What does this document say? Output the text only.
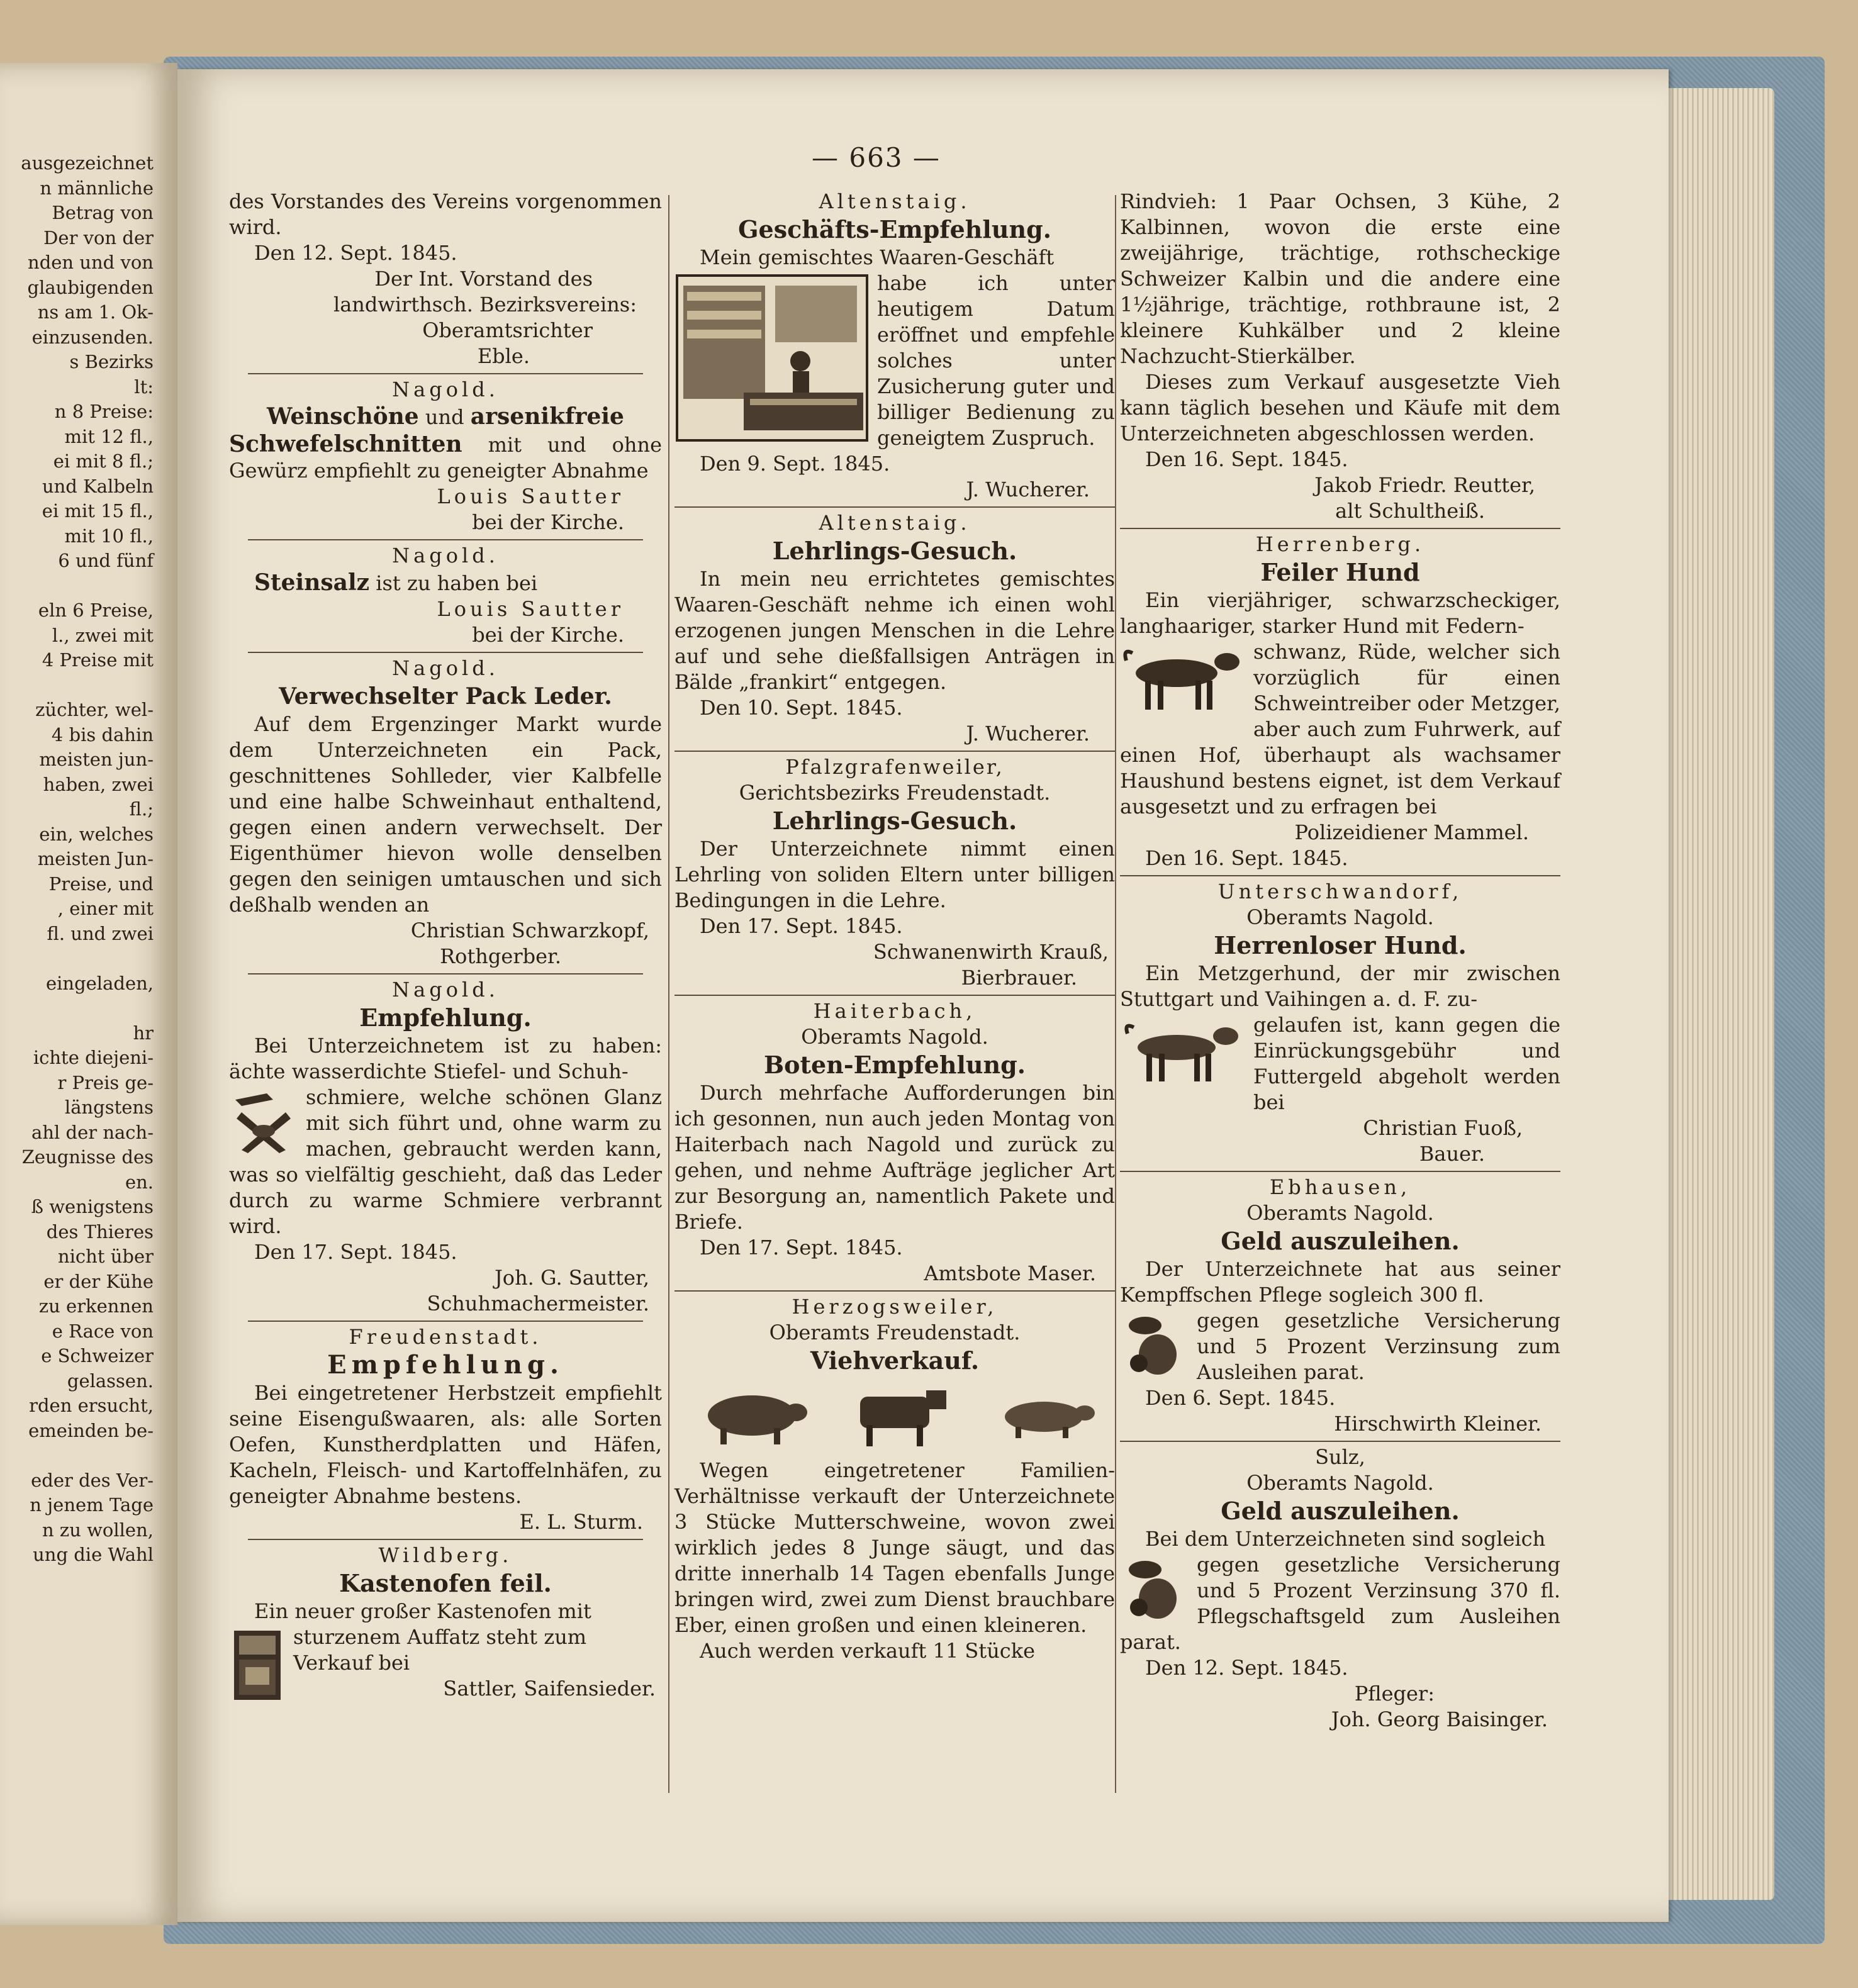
ausgezeichnet
n männliche
Betrag von
Der von der
nden und von
glaubigenden
ns am 1. Ok-
einzusenden.
s Bezirks
lt:
n 8 Preise:
mit 12 fl.,
ei mit 8 fl.;
und Kalbeln
ei mit 15 fl.,
mit 10 fl.,
6 und fünf
eln 6 Preise,
l., zwei mit
4 Preise mit
züchter, wel-
4 bis dahin
meisten jun-
haben, zwei
fl.;
ein, welches
meisten Jun-
Preise, und
, einer mit
fl. und zwei
eingeladen,
hr
ichte diejeni-
r Preis ge-
längstens
ahl der nach-
Zeugnisse des
en.
ß wenigstens
des Thieres
nicht über
er der Kühe
zu erkennen
e Race von
e Schweizer
gelassen.
rden ersucht,
emeinden be-
eder des Ver-
n jenem Tage
n zu wollen,
ung die Wahl
— 663 —
des Vorstandes des Vereins vorgenommen wird.
Den 12. Sept. 1845.
Der Int. Vorstand des
landwirthsch. Bezirksvereins:
Oberamtsrichter
Eble.
Nagold.
Weinschöne und arsenikfreie
Schwefelschnitten mit und ohne Gewürz empfiehlt zu geneigter Abnahme
Louis Sautter
bei der Kirche.
Nagold.
Steinsalz ist zu haben bei
Louis Sautter
bei der Kirche.
Nagold.
Verwechselter Pack Leder.
Auf dem Ergenzinger Markt wurde dem Unterzeichneten ein Pack, geschnittenes Sohlleder, vier Kalbfelle und eine halbe Schweinhaut enthaltend, gegen einen andern verwechselt. Der Eigenthümer hievon wolle denselben gegen den seinigen umtauschen und sich deßhalb wenden an
Christian Schwarzkopf,
Rothgerber.
Nagold.
Empfehlung.
Bei Unterzeichnetem ist zu haben: ächte wasserdichte Stiefel- und Schuh-
schmiere, welche schönen Glanz mit sich führt und, ohne warm zu machen, gebraucht werden kann, was so vielfältig geschieht, daß das Leder durch zu warme Schmiere verbrannt wird.
Den 17. Sept. 1845.
Joh. G. Sautter,
Schuhmachermeister.
Freudenstadt.
Empfehlung.
Bei eingetretener Herbstzeit empfiehlt seine Eisengußwaaren, als: alle Sorten Oefen, Kunstherdplatten und Häfen, Kacheln, Fleisch- und Kartoffelnhäfen, zu geneigter Abnahme bestens.
E. L. Sturm.
Wildberg.
Kastenofen feil.
Ein neuer großer Kastenofen mit
sturzenem Auffatz steht zum Verkauf bei
Sattler, Saifensieder.
Altenstaig.
Geschäfts-Empfehlung.
Mein gemischtes Waaren-Geschäft
habe ich unter heutigem Datum eröffnet und empfehle solches unter Zusicherung guter und billiger Bedienung zu geneigtem Zuspruch.
Den 9. Sept. 1845.
J. Wucherer.
Altenstaig.
Lehrlings-Gesuch.
In mein neu errichtetes gemischtes Waaren-Geschäft nehme ich einen wohl erzogenen jungen Menschen in die Lehre auf und sehe dießfallsigen Anträgen in Bälde „frankirt“ entgegen.
Den 10. Sept. 1845.
J. Wucherer.
Pfalzgrafenweiler,
Gerichtsbezirks Freudenstadt.
Lehrlings-Gesuch.
Der Unterzeichnete nimmt einen Lehrling von soliden Eltern unter billigen Bedingungen in die Lehre.
Den 17. Sept. 1845.
Schwanenwirth Krauß,
Bierbrauer.
Haiterbach,
Oberamts Nagold.
Boten-Empfehlung.
Durch mehrfache Aufforderungen bin ich gesonnen, nun auch jeden Montag von Haiterbach nach Nagold und zurück zu gehen, und nehme Aufträge jeglicher Art zur Besorgung an, namentlich Pakete und Briefe.
Den 17. Sept. 1845.
Amtsbote Maser.
Herzogsweiler,
Oberamts Freudenstadt.
Viehverkauf.
Wegen eingetretener Familien-Verhältnisse verkauft der Unterzeichnete 3 Stücke Mutterschweine, wovon zwei wirklich jedes 8 Junge säugt, und das dritte innerhalb 14 Tagen ebenfalls Junge bringen wird, zwei zum Dienst brauchbare Eber, einen großen und einen kleineren.
Auch werden verkauft 11 Stücke
Rindvieh: 1 Paar Ochsen, 3 Kühe, 2 Kalbinnen, wovon die erste eine zweijährige, trächtige, rothscheckige Schweizer Kalbin und die andere eine 1½jährige, trächtige, rothbraune ist, 2 kleinere Kuhkälber und 2 kleine Nachzucht-Stierkälber.
Dieses zum Verkauf ausgesetzte Vieh kann täglich besehen und Käufe mit dem Unterzeichneten abgeschlossen werden.
Den 16. Sept. 1845.
Jakob Friedr. Reutter,
alt Schultheiß.
Herrenberg.
Feiler Hund
Ein vierjähriger, schwarzscheckiger, langhaariger, starker Hund mit Federn-
schwanz, Rüde, welcher sich vorzüglich für einen Schweintreiber oder Metzger, aber auch zum Fuhrwerk, auf einen Hof, überhaupt als wachsamer Haushund bestens eignet, ist dem Verkauf ausgesetzt und zu erfragen bei
Polizeidiener Mammel.
Den 16. Sept. 1845.
Unterschwandorf,
Oberamts Nagold.
Herrenloser Hund.
Ein Metzgerhund, der mir zwischen Stuttgart und Vaihingen a. d. F. zu-
gelaufen ist, kann gegen die Einrückungsgebühr und Futtergeld abgeholt werden bei
Christian Fuoß,
Bauer.
Ebhausen,
Oberamts Nagold.
Geld auszuleihen.
Der Unterzeichnete hat aus seiner Kempffschen Pflege sogleich 300 fl.
gegen gesetzliche Versicherung und 5 Prozent Verzinsung zum Ausleihen parat.
Den 6. Sept. 1845.
Hirschwirth Kleiner.
Sulz,
Oberamts Nagold.
Geld auszuleihen.
Bei dem Unterzeichneten sind sogleich
gegen gesetzliche Versicherung und 5 Prozent Verzinsung 370 fl. Pflegschaftsgeld zum Ausleihen parat.
Den 12. Sept. 1845.
Pfleger:
Joh. Georg Baisinger.
